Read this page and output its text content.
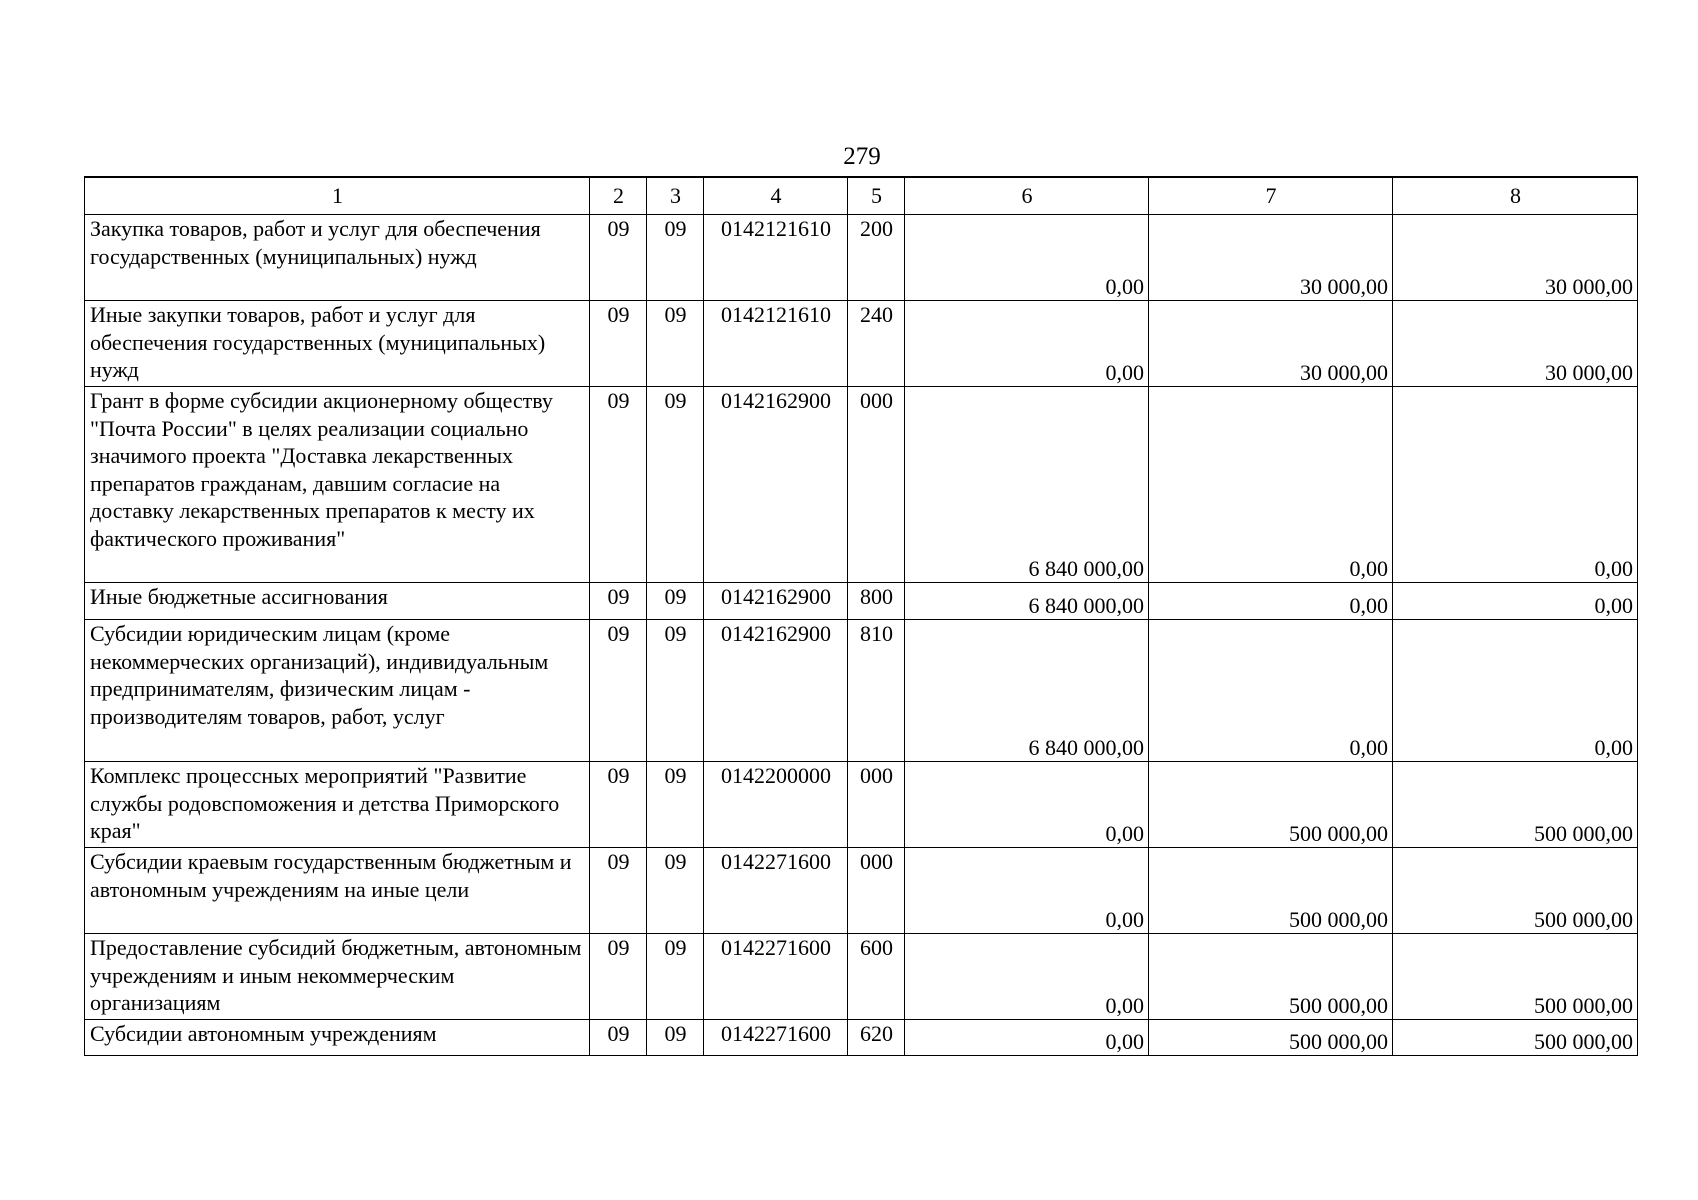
279
1	2	3	4	5	6	7	8
Закупка товаров, работ и услуг для обеспечения государственных (муниципальных) нужд	09	09	0142121610	200	0,00	30 000,00	30 000,00
Иные закупки товаров, работ и услуг для обеспечения государственных (муниципальных) нужд	09	09	0142121610	240	0,00	30 000,00	30 000,00
Грант в форме субсидии акционерному обществу "Почта России" в целях реализации социально значимого проекта "Доставка лекарственных препаратов гражданам, давшим согласие на доставку лекарственных препаратов к месту их фактического проживания"	09	09	0142162900	000	6 840 000,00	0,00	0,00
Иные бюджетные ассигнования	09	09	0142162900	800	6 840 000,00	0,00	0,00
Субсидии юридическим лицам (кроме некоммерческих организаций), индивидуальным предпринимателям, физическим лицам - производителям товаров, работ, услуг	09	09	0142162900	810	6 840 000,00	0,00	0,00
Комплекс процессных мероприятий "Развитие службы родовспоможения и детства Приморского края"	09	09	0142200000	000	0,00	500 000,00	500 000,00
Субсидии краевым государственным бюджетным и автономным учреждениям на иные цели	09	09	0142271600	000	0,00	500 000,00	500 000,00
Предоставление субсидий бюджетным, автономным учреждениям и иным некоммерческим организациям	09	09	0142271600	600	0,00	500 000,00	500 000,00
Субсидии автономным учреждениям	09	09	0142271600	620	0,00	500 000,00	500 000,00
